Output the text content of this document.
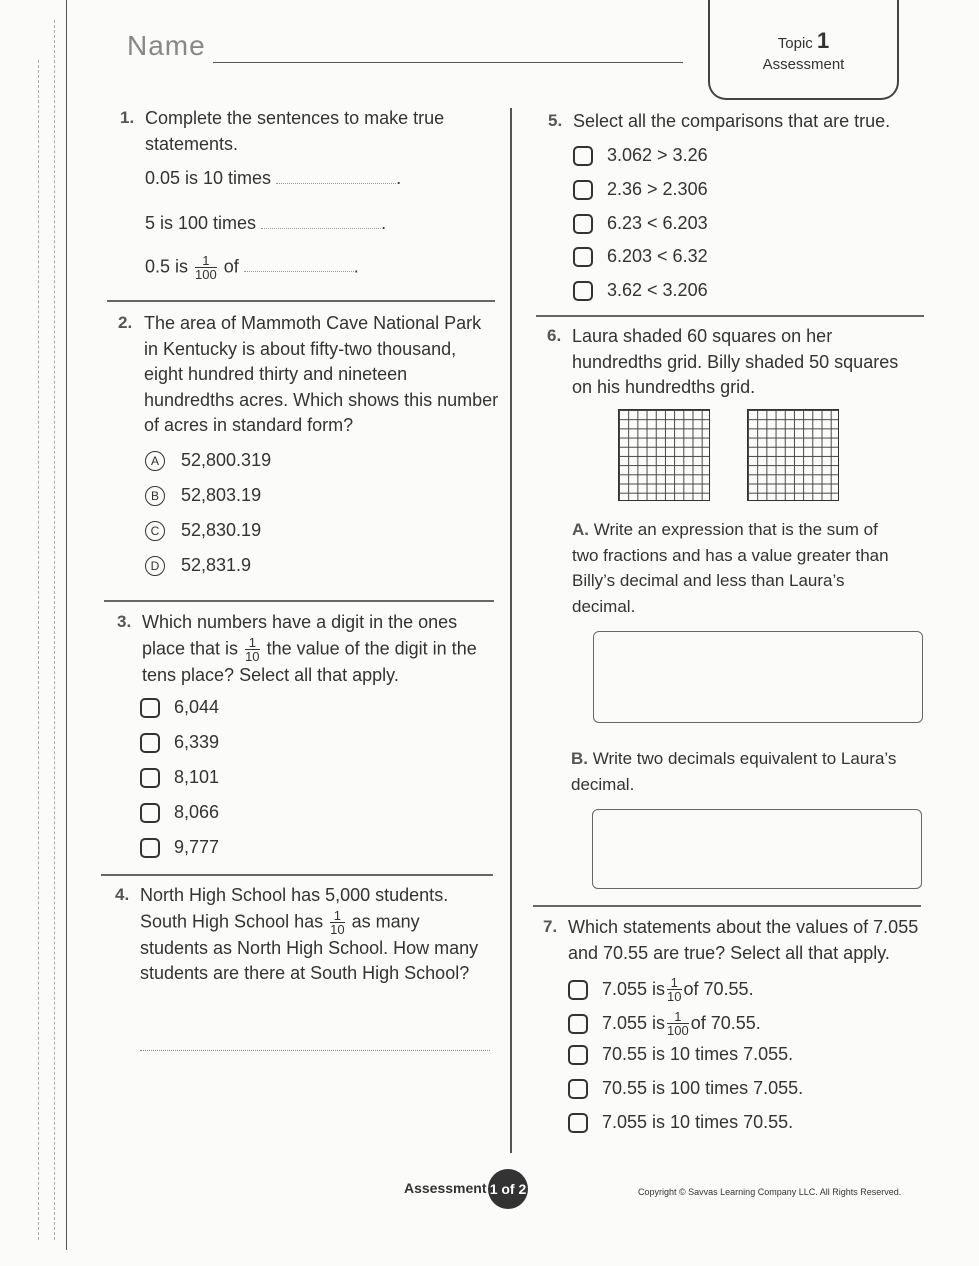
Name	Topic 1
Assessment
1. Complete the sentences to make true statements.

0.05 is 10 times	.
5 is 100 times	.
0.5 is $\frac{1}{100}$ of	.
2. The area of Mammoth Cave National Park in Kentucky is about fifty-two thousand, eight hundred thirty and nineteen hundredths acres. Which shows this number of acres in standard form?

A	52,800.319
B	52,803.19
C	52,830.19
D	52,831.9
3. Which numbers have a digit in the ones place that is $\frac{1}{10}$ the value of the digit in the tens place? Select all that apply.
6,044
6,339
8,101
8,066
9,777
4. North High School has 5,000 students. South High School has $\frac{1}{10}$ as many students as North High School. How many students are there at South High School?
5. Select all the comparisons that are true.

3.062 > 3.26
2.36 > 2.306
6.23 < 6.203
6.203 < 6.32
3.62 < 3.206
6. Laura shaded 60 squares on her hundredths grid. Billy shaded 50 squares on his hundredths grid.

A. Write an expression that is the sum of two fractions and has a value greater than Billy’s decimal and less than Laura’s decimal.
B. Write two decimals equivalent to Laura’s decimal.
7. Which statements about the values of 7.055 and 70.55 are true? Select all that apply.

7.055 is $\frac{1}{10}$ of 70.55.
7.055 is $\frac{1}{100}$ of 70.55.
70.55 is 10 times 7.055.
70.55 is 100 times 7.055.
7.055 is 10 times 70.55.
Assessment 1 of 2	Copyright © Savvas Learning Company LLC. All Rights Reserved.
